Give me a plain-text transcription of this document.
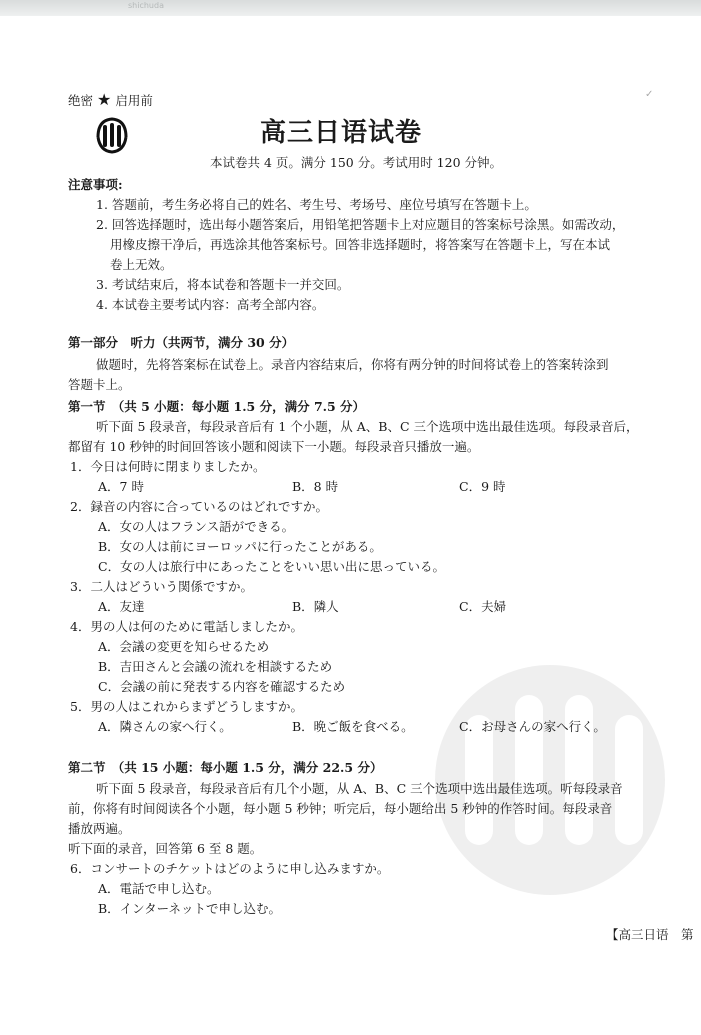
shichuda
绝密 ★ 启用前	✓
高三日语试卷
本试卷共 4 页。满分 150 分。考试用时 120 分钟。
注意事项:
1. 答题前，考生务必将自己的姓名、考生号、考场号、座位号填写在答题卡上。
2. 回答选择题时，选出每小题答案后，用铅笔把答题卡上对应题目的答案标号涂黑。如需改动，
用橡皮擦干净后，再选涂其他答案标号。回答非选择题时，将答案写在答题卡上，写在本试
卷上无效。
3. 考试结束后，将本试卷和答题卡一并交回。
4. 本试卷主要考试内容：高考全部内容。
第一部分　听力（共两节，满分 30 分）
做题时，先将答案标在试卷上。录音内容结束后，你将有两分钟的时间将试卷上的答案转涂到
答题卡上。
第一节　（共 5 小题：每小题 1.5 分，满分 7.5 分）
听下面 5 段录音，每段录音后有 1 个小题，从 A、B、C 三个选项中选出最佳选项。每段录音后，
都留有 10 秒钟的时间回答该小题和阅读下一小题。每段录音只播放一遍。
1．今日は何時に閉まりましたか。
A．7 時	B．8 時	C．9 時
2．録音の内容に合っているのはどれですか。
A．女の人はフランス語ができる。
B．女の人は前にヨーロッパに行ったことがある。
C．女の人は旅行中にあったことをいい思い出に思っている。
3．二人はどういう関係ですか。
A．友達	B．隣人	C．夫婦
4．男の人は何のために電話しましたか。
A．会議の変更を知らせるため
B．吉田さんと会議の流れを相談するため
C．会議の前に発表する内容を確認するため
5．男の人はこれからまずどうしますか。
A．隣さんの家へ行く。	B．晩ご飯を食べる。	C．お母さんの家へ行く。
第二节　（共 15 小题：每小题 1.5 分，满分 22.5 分）
听下面 5 段录音，每段录音后有几个小题，从 A、B、C 三个选项中选出最佳选项。听每段录音
前，你将有时间阅读各个小题，每小题 5 秒钟；听完后，每小题给出 5 秒钟的作答时间。每段录音
播放两遍。
听下面的录音，回答第 6 至 8 题。
6．コンサートのチケットはどのように申し込みますか。
A．電話で申し込む。
B．インターネットで申し込む。
【高三日语　第
